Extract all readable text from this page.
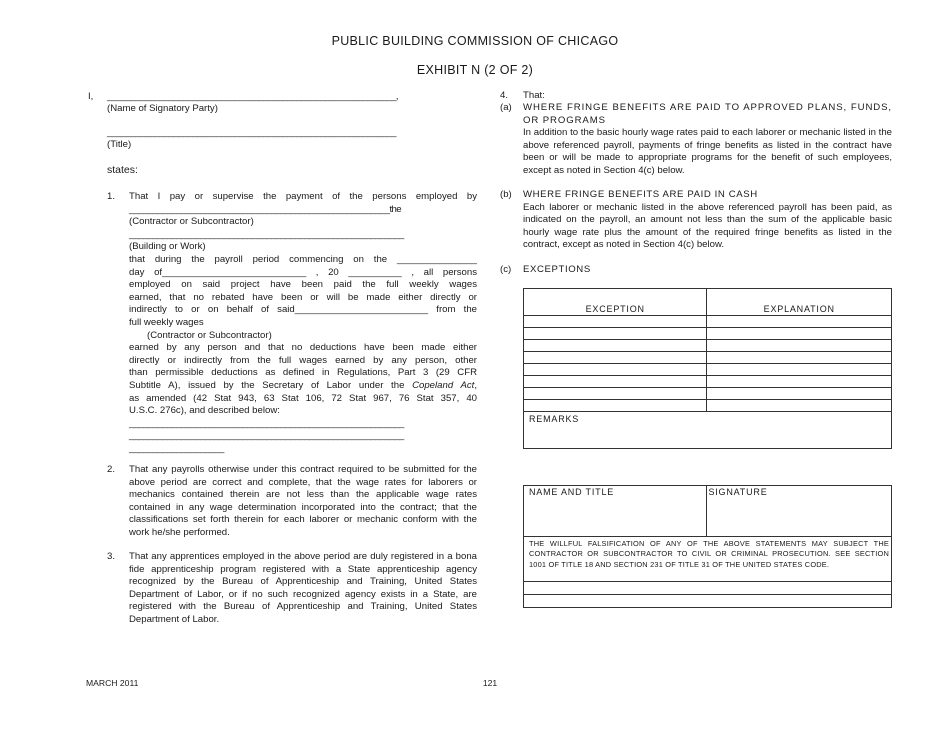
PUBLIC BUILDING COMMISSION OF CHICAGO
EXHIBIT N (2 OF 2)
I, _____________________________________________________________,
(Name of Signatory Party)
_____________________________________________________________
(Title)
states:
1.	That I pay or supervise the payment of the persons employed by
_______________________________________________________the
(Contractor or Subcontractor)
__________________________________________________________
(Building or Work)
that during the payroll period commencing on the _______________
day of___________________________ , 20 __________ , all persons
employed on said project have been paid the full weekly wages
earned, that no rebated have been or will be made either directly or
indirectly to or on behalf of said_________________________ from the
full weekly wages
(Contractor or Subcontractor)
earned by any person and that no deductions have been made either
directly or indirectly from the full wages earned by any person, other
than permissible deductions as defined in Regulations, Part 3 (29 CFR
Subtitle A), issued by the Secretary of Labor under the Copeland Act,
as amended (42 Stat 943, 63 Stat 106, 72 Stat 967, 76 Stat 357, 40
U.S.C. 276c), and described below:
__________________________________________________________
__________________________________________________________
____________________
2.	That any payrolls otherwise under this contract required to be submitted for the above period are correct and complete, that the wage rates for laborers or mechanics contained therein are not less than the applicable wage rates contained in any wage determination incorporated into the contract; that the classifications set forth therein for each laborer or mechanic conform with the work he/she performed.
3.	That any apprentices employed in the above period are duly registered in a bona fide apprenticeship program registered with a State apprenticeship agency recognized by the Bureau of Apprenticeship and Training, United States Department of Labor, or if no such recognized agency exists in a State, are registered with the Bureau of Apprenticeship and Training, United States Department of Labor.
4. That:
(a) WHERE FRINGE BENEFITS ARE PAID TO APPROVED PLANS, FUNDS, OR PROGRAMS
In addition to the basic hourly wage rates paid to each laborer or mechanic listed in the above referenced payroll, payments of fringe benefits as listed in the contract have been or will be made to appropriate programs for the benefit of such employees, except as noted in Section 4(c) below.
(b) WHERE FRINGE BENEFITS ARE PAID IN CASH
Each laborer or mechanic listed in the above referenced payroll has been paid, as indicated on the payroll, an amount not less than the sum of the applicable basic hourly wage rate plus the amount of the required fringe benefits as listed in the contract, except as noted in Section 4(c) below.
(c) EXCEPTIONS
EXCEPTION	EXPLANATION

REMARKS	
NAME AND TITLE	SIGNATURE

THE WILLFUL FALSIFICATION OF ANY OF THE ABOVE STATEMENTS MAY SUBJECT THE CONTRACTOR OR SUBCONTRACTOR TO CIVIL OR CRIMINAL PROSECUTION. SEE SECTION 1001 OF TITLE 18 AND SECTION 231 OF TITLE 31 OF THE UNITED STATES CODE.

MARCH 2011	121
